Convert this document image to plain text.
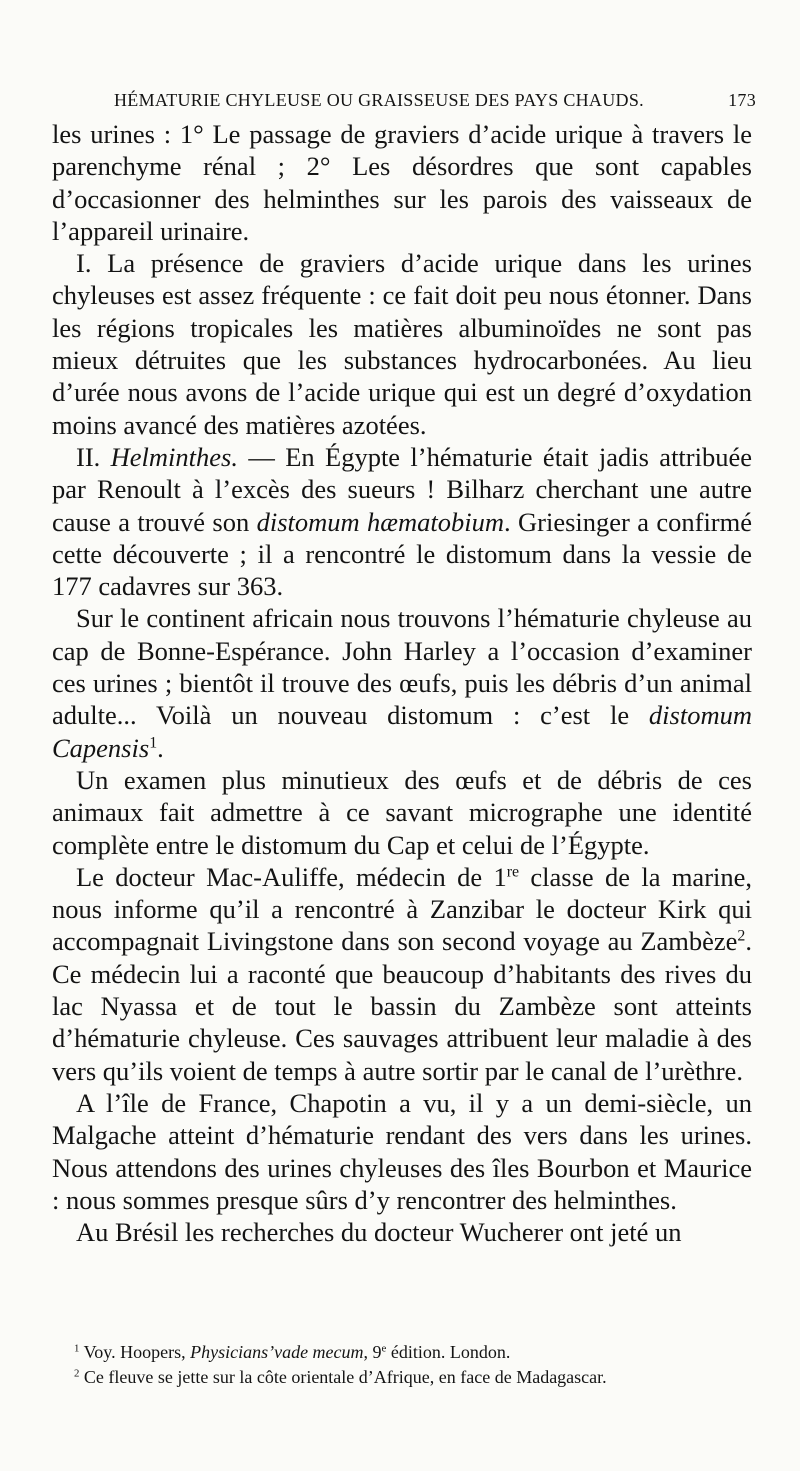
HÉMATURIE CHYLEUSE OU GRAISSEUSE DES PAYS CHAUDS.	173

les urines : 1° Le passage de graviers d’acide urique à travers le parenchyme rénal ; 2° Les désordres que sont capables d’occasionner des helminthes sur les parois des vaisseaux de l’appareil urinaire.

I. La présence de graviers d’acide urique dans les urines chyleuses est assez fréquente : ce fait doit peu nous étonner. Dans les régions tropicales les matières albuminoïdes ne sont pas mieux détruites que les substances hydrocarbonées. Au lieu d’urée nous avons de l’acide urique qui est un degré d’oxydation moins avancé des matières azotées.

II. Helminthes. — En Égypte l’hématurie était jadis attribuée par Renoult à l’excès des sueurs ! Bilharz cherchant une autre cause a trouvé son distomum hæmatobium. Griesinger a confirmé cette découverte ; il a rencontré le distomum dans la vessie de 177 cadavres sur 363.

Sur le continent africain nous trouvons l’hématurie chyleuse au cap de Bonne-Espérance. John Harley a l’occasion d’examiner ces urines ; bientôt il trouve des œufs, puis les débris d’un animal adulte... Voilà un nouveau distomum : c’est le distomum Capensis$^1$.

Un examen plus minutieux des œufs et de débris de ces animaux fait admettre à ce savant micrographe une identité complète entre le distomum du Cap et celui de l’Égypte.

Le docteur Mac-Auliffe, médecin de 1re classe de la marine, nous informe qu’il a rencontré à Zanzibar le docteur Kirk qui accompagnait Livingstone dans son second voyage au Zambèze$^2$. Ce médecin lui a raconté que beaucoup d’habitants des rives du lac Nyassa et de tout le bassin du Zambèze sont atteints d’hématurie chyleuse. Ces sauvages attribuent leur maladie à des vers qu’ils voient de temps à autre sortir par le canal de l’urèthre.

A l’île de France, Chapotin a vu, il y a un demi-siècle, un Malgache atteint d’hématurie rendant des vers dans les urines. Nous attendons des urines chyleuses des îles Bourbon et Maurice : nous sommes presque sûrs d’y rencontrer des helminthes.

Au Brésil les recherches du docteur Wucherer ont jeté un

$^1$ Voy. Hoopers, Physicians’vade mecum, 9e édition. London.

$^2$ Ce fleuve se jette sur la côte orientale d’Afrique, en face de Madagascar.
